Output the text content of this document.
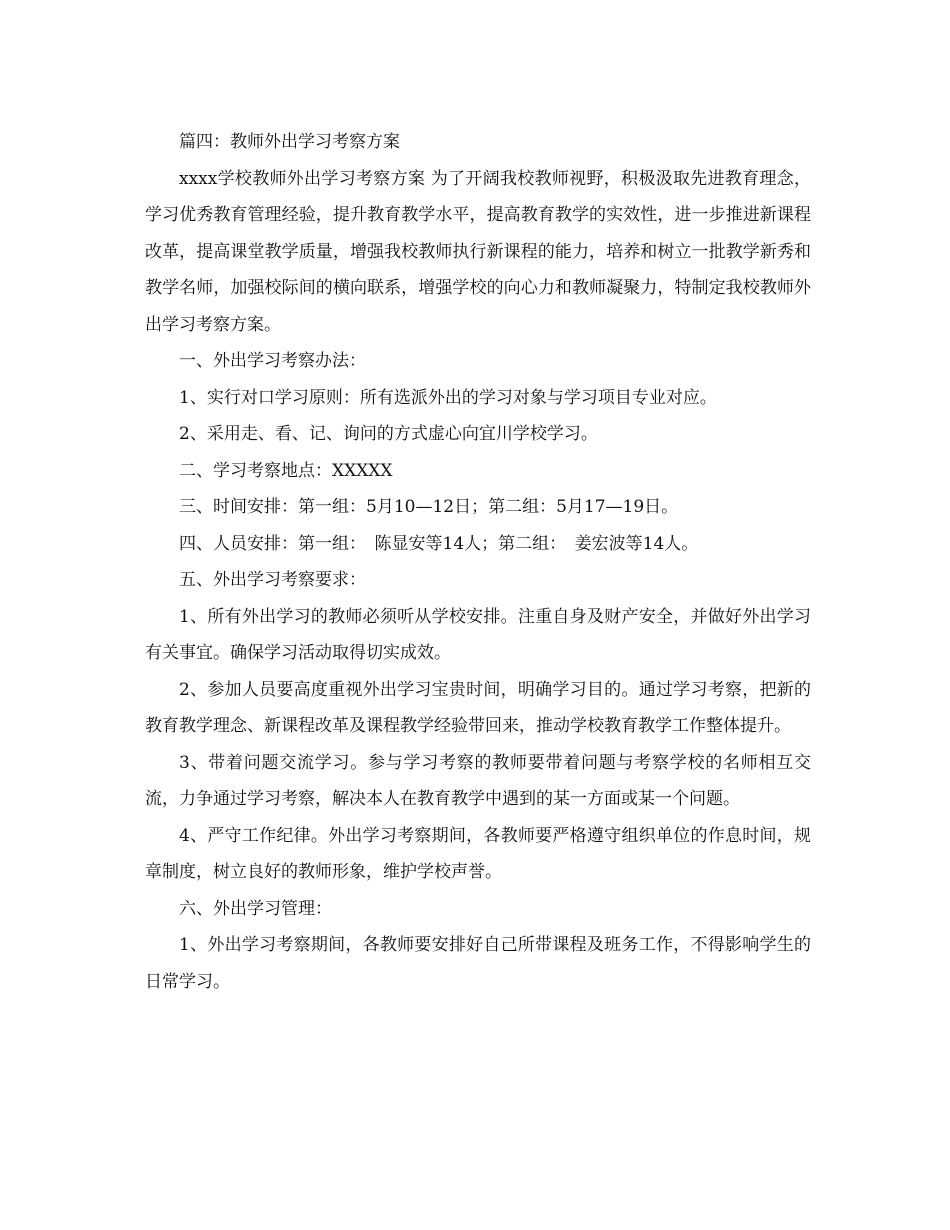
篇四：教师外出学习考察方案

xxxx学校教师外出学习考察方案 为了开阔我校教师视野，积极汲取先进教育理念，学习优秀教育管理经验，提升教育教学水平，提高教育教学的实效性，进一步推进新课程改革，提高课堂教学质量，增强我校教师执行新课程的能力，培养和树立一批教学新秀和教学名师，加强校际间的横向联系，增强学校的向心力和教师凝聚力，特制定我校教师外出学习考察方案。

一、外出学习考察办法：

1、实行对口学习原则：所有选派外出的学习对象与学习项目专业对应。

2、采用走、看、记、询问的方式虚心向宜川学校学习。

二、学习考察地点：XXXXX

三、时间安排：第一组：5月10—12日；第二组：5月17—19日。

四、人员安排：第一组：　陈显安等14人；第二组：　姜宏波等14人。

五、外出学习考察要求：

1、所有外出学习的教师必须听从学校安排。注重自身及财产安全，并做好外出学习有关事宜。确保学习活动取得切实成效。

2、参加人员要高度重视外出学习宝贵时间，明确学习目的。通过学习考察，把新的教育教学理念、新课程改革及课程教学经验带回来，推动学校教育教学工作整体提升。

3、带着问题交流学习。参与学习考察的教师要带着问题与考察学校的名师相互交流，力争通过学习考察，解决本人在教育教学中遇到的某一方面或某一个问题。

4、严守工作纪律。外出学习考察期间，各教师要严格遵守组织单位的作息时间，规章制度，树立良好的教师形象，维护学校声誉。

六、外出学习管理：

1、外出学习考察期间，各教师要安排好自己所带课程及班务工作，不得影响学生的日常学习。
